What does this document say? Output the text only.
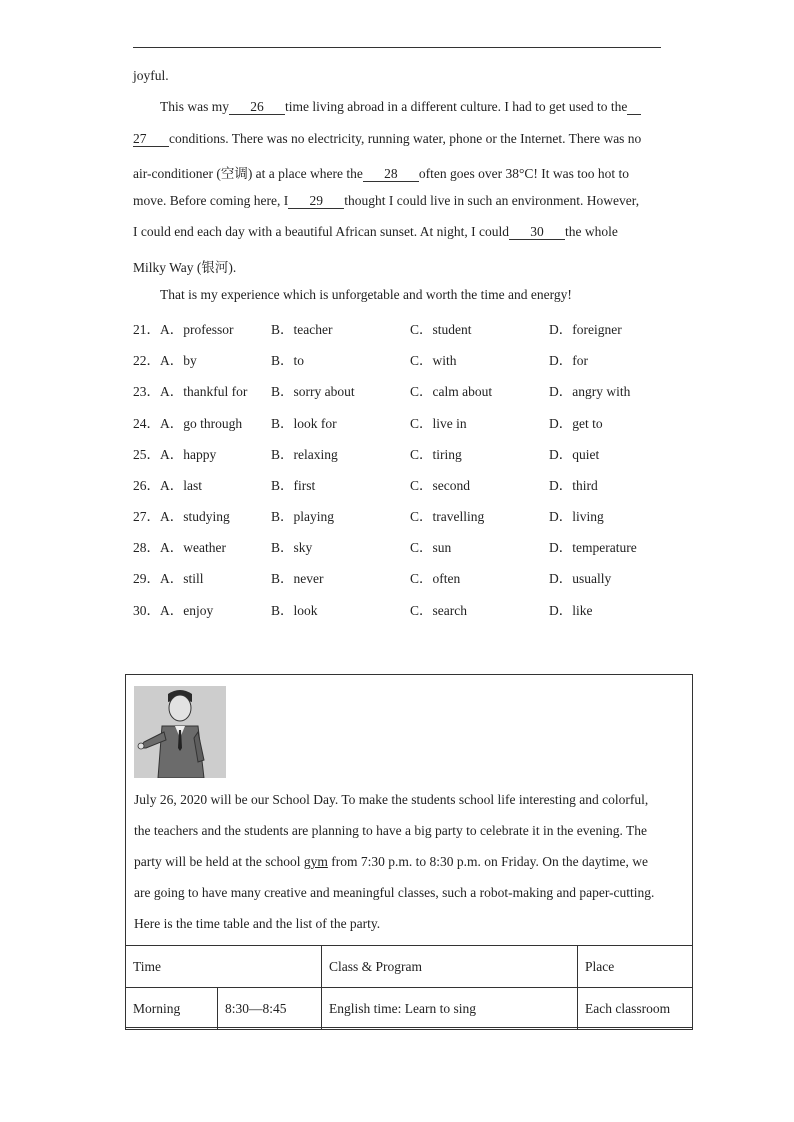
joyful.
This was my 26 time living abroad in a different culture. I had to get used to the
27 conditions. There was no electricity, running water, phone or the Internet. There was no
air-conditioner (空调) at a place where the 28 often goes over 38°C! It was too hot to
move. Before coming here, I 29 thought I could live in such an environment. However,
I could end each day with a beautiful African sunset. At night, I could 30 the whole
Milky Way (银河).
That is my experience which is unforgetable and worth the time and energy!
21． A．professor	B．teacher	C．student	D．foreigner
22． A．by	B．to	C．with	D．for
23． A．thankful for B．sorry about	C．calm about	D．angry with
24． A．go through B．look for	C．live in	D．get to
25． A．happy	B．relaxing	C．tiring	D．quiet
26． A．last	B．first	C．second	D．third
27． A．studying	B．playing	C．travelling	D．living
28． A．weather	B．sky	C．sun	D．temperature
29． A．still	B．never	C．often	D．usually
30． A．enjoy	B．look	C．search	D．like
July 26, 2020 will be our School Day. To make the students school life interesting and colorful,
the teachers and the students are planning to have a big party to celebrate it in the evening. The
party will be held at the school gym from 7:30 p.m. to 8:30 p.m. on Friday. On the daytime, we
are going to have many creative and meaningful classes, such a robot-making and paper-cutting.
Here is the time table and the list of the party.
Time		Class & Program	Place
Morning	8:30—8:45	English time: Learn to sing	Each classroom
